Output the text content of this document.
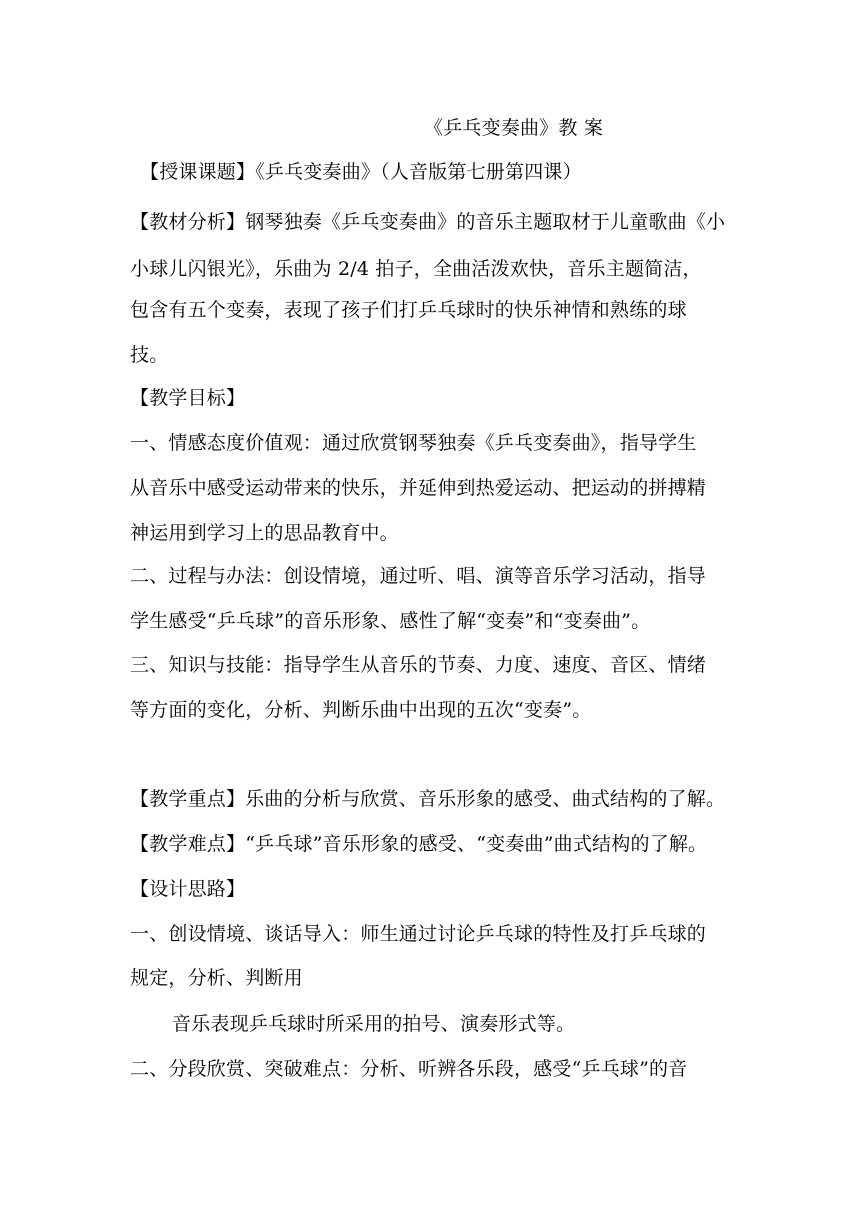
《乒乓变奏曲》教 案
【授课课题】《乒乓变奏曲》（人音版第七册第四课）
【教材分析】钢琴独奏《乒乓变奏曲》的音乐主题取材于儿童歌曲《小
小球儿闪银光》，乐曲为 2/4 拍子，全曲活泼欢快，音乐主题简洁，
包含有五个变奏，表现了孩子们打乒乓球时的快乐神情和熟练的球
技。
【教学目标】
一、情感态度价值观：通过欣赏钢琴独奏《乒乓变奏曲》，指导学生
从音乐中感受运动带来的快乐，并延伸到热爱运动、把运动的拼搏精
神运用到学习上的思品教育中。
二、过程与办法：创设情境，通过听、唱、演等音乐学习活动，指导
学生感受“乒乓球”的音乐形象、感性了解“变奏”和“变奏曲”。
三、知识与技能：指导学生从音乐的节奏、力度、速度、音区、情绪
等方面的变化，分析、判断乐曲中出现的五次“变奏”。
【教学重点】乐曲的分析与欣赏、音乐形象的感受、曲式结构的了解。
【教学难点】“乒乓球”音乐形象的感受、“变奏曲”曲式结构的了解。
【设计思路】
一、创设情境、谈话导入：师生通过讨论乒乓球的特性及打乒乓球的
规定，分析、判断用
音乐表现乒乓球时所采用的拍号、演奏形式等。
二、分段欣赏、突破难点：分析、听辨各乐段，感受“乒乓球”的音
